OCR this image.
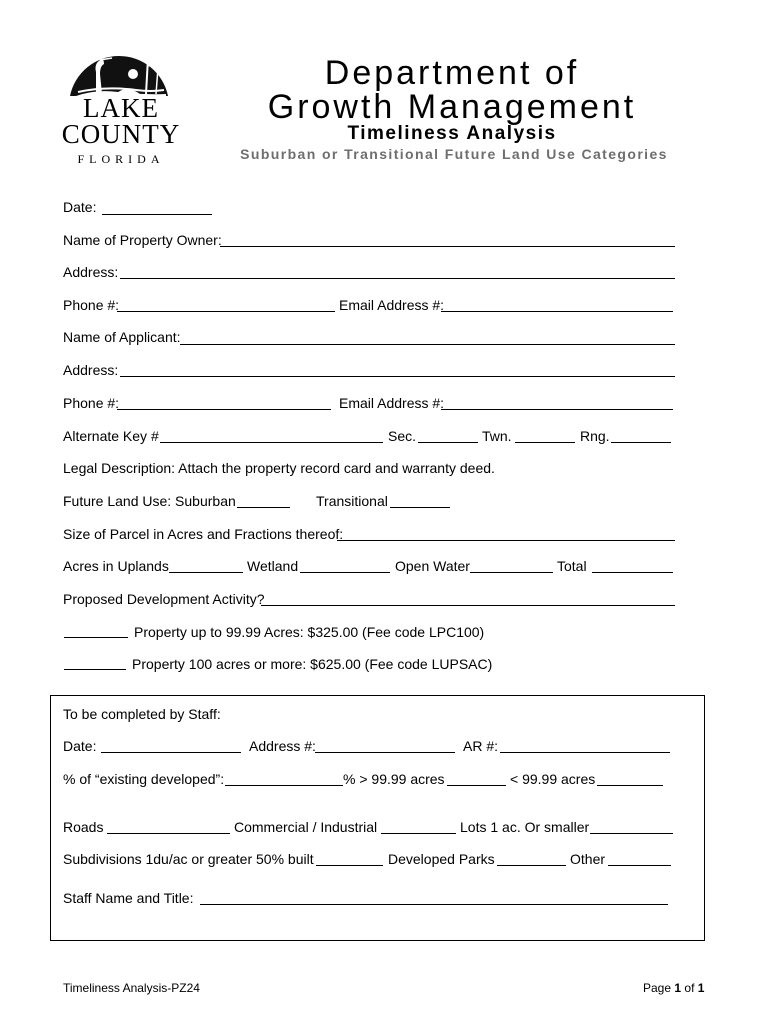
LAKE
COUNTY
FLORIDA
Department of
Growth Management
Timeliness Analysis
Suburban or Transitional Future Land Use Categories
Date:
Name of Property Owner:
Address:
Phone #:	Email Address #:
Name of Applicant:
Address:
Phone #:	Email Address #:
Alternate Key #	Sec.	Twn.	Rng.
Legal Description: Attach the property record card and warranty deed.
Future Land Use: Suburban	Transitional
Size of Parcel in Acres and Fractions thereof:
Acres in Uplands	Wetland	Open Water	Total
Proposed Development Activity?
Property up to 99.99 Acres: $325.00 (Fee code LPC100)
Property 100 acres or more: $625.00 (Fee code LUPSAC)
To be completed by Staff:
Date:	Address #:	AR #:
% of “existing developed”:	% > 99.99 acres	< 99.99 acres
Roads	Commercial / Industrial	Lots 1 ac. Or smaller
Subdivisions 1du/ac or greater 50% built	Developed Parks	Other
Staff Name and Title:
Timeliness Analysis-PZ24	Page 1 of 1
